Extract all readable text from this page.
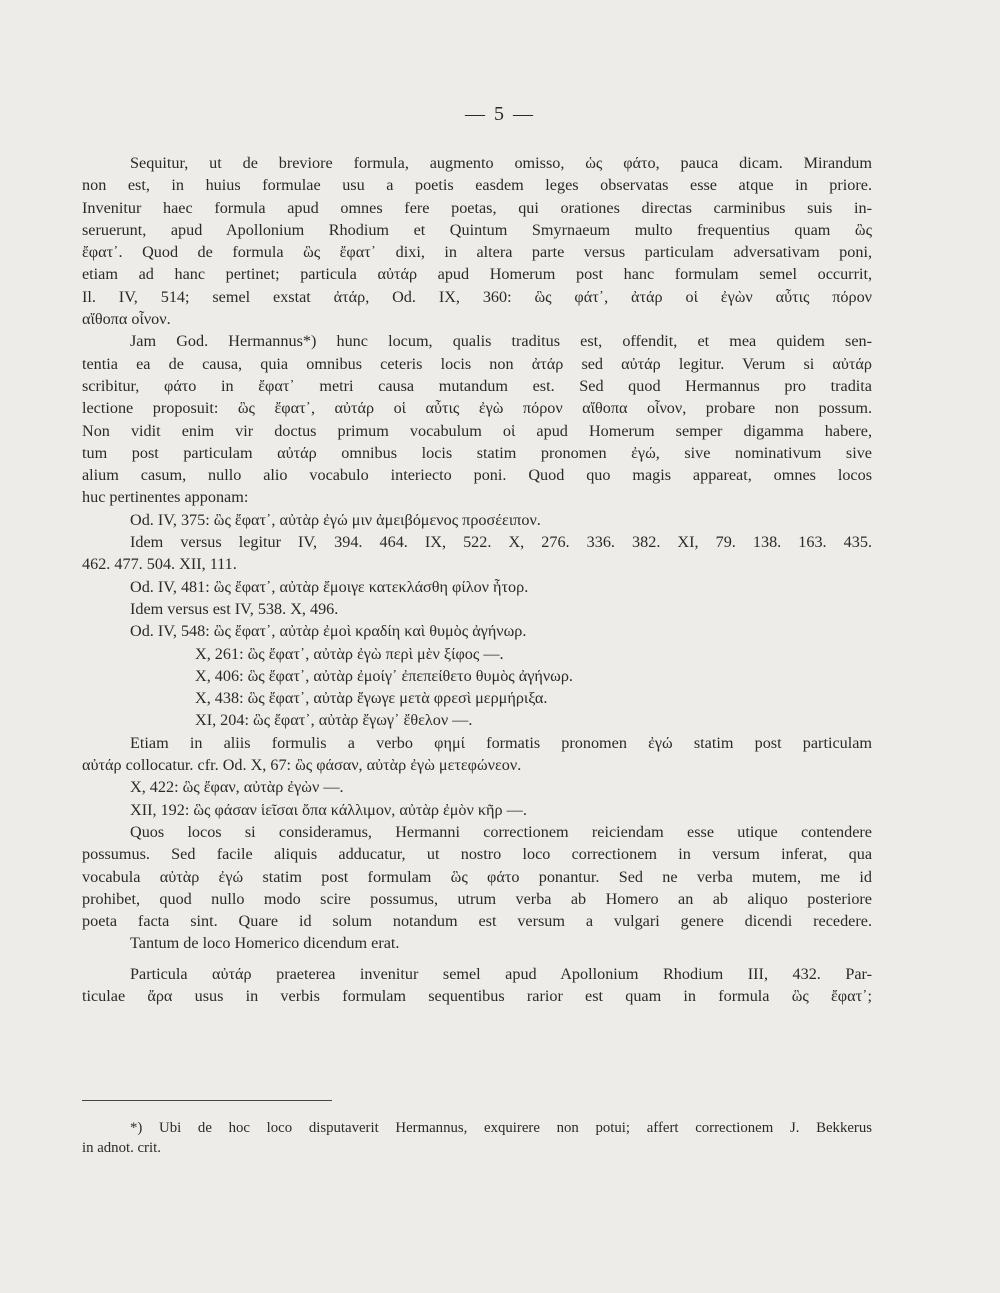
— 5 —
Sequitur, ut de breviore formula, augmento omisso, ὡς φάτο, pauca dicam. Mirandum
non est, in huius formulae usu a poetis easdem leges observatas esse atque in priore.
Invenitur haec formula apud omnes fere poetas, qui orationes directas carminibus suis in-
seruerunt, apud Apollonium Rhodium et Quintum Smyrnaeum multo frequentius quam ὣς
ἔφατ᾽. Quod de formula ὣς ἔφατ᾽ dixi, in altera parte versus particulam adversativam poni,
etiam ad hanc pertinet; particula αὐτάρ apud Homerum post hanc formulam semel occurrit,
Il. IV, 514; semel exstat ἀτάρ, Od. IX, 360: ὣς φάτ᾽, ἀτάρ οἱ ἐγὼν αὖτις πόρον
αἴθοπα οἶνον.
Jam God. Hermannus*) hunc locum, qualis traditus est, offendit, et mea quidem sen-
tentia ea de causa, quia omnibus ceteris locis non ἀτάρ sed αὐτάρ legitur. Verum si αὐτάρ
scribitur, φάτο in ἔφατ᾽ metri causa mutandum est. Sed quod Hermannus pro tradita
lectione proposuit: ὣς ἔφατ᾽, αὐτάρ οἱ αὖτις ἐγὼ πόρον αἴθοπα οἶνον, probare non possum.
Non vidit enim vir doctus primum vocabulum οἱ apud Homerum semper digamma habere,
tum post particulam αὐτάρ omnibus locis statim pronomen ἐγώ, sive nominativum sive
alium casum, nullo alio vocabulo interiecto poni. Quod quo magis appareat, omnes locos
huc pertinentes apponam:
Od. IV, 375: ὣς ἔφατ᾽, αὐτὰρ ἐγώ μιν ἀμειβόμενος προσέειπον.
Idem versus legitur IV, 394. 464. IX, 522. X, 276. 336. 382. XI, 79. 138. 163. 435.
462. 477. 504. XII, 111.
Od. IV, 481: ὣς ἔφατ᾽, αὐτὰρ ἔμοιγε κατεκλάσθη φίλον ἦτορ.
Idem versus est IV, 538. X, 496.
Od. IV, 548: ὣς ἔφατ᾽, αὐτὰρ ἐμοὶ κραδίη καὶ θυμὸς ἀγήνωρ.
X, 261: ὣς ἔφατ᾽, αὐτὰρ ἐγὼ περὶ μὲν ξίφος —.
X, 406: ὣς ἔφατ᾽, αὐτὰρ ἐμοίγ᾽ ἐπεπείθετο θυμὸς ἀγήνωρ.
X, 438: ὣς ἔφατ᾽, αὐτὰρ ἔγωγε μετὰ φρεσὶ μερμήριξα.
XI, 204: ὣς ἔφατ᾽, αὐτὰρ ἔγωγ᾽ ἔθελον —.
Etiam in aliis formulis a verbo φημί formatis pronomen ἐγώ statim post particulam
αὐτάρ collocatur. cfr. Od. X, 67: ὣς φάσαν, αὐτὰρ ἐγὼ μετεφώνεον.
X, 422: ὣς ἔφαν, αὐτὰρ ἐγὼν —.
XII, 192: ὣς φάσαν ἱεῖσαι ὄπα κάλλιμον, αὐτὰρ ἐμὸν κῆρ —.
Quos locos si consideramus, Hermanni correctionem reiciendam esse utique contendere
possumus. Sed facile aliquis adducatur, ut nostro loco correctionem in versum inferat, qua
vocabula αὐτὰρ ἐγώ statim post formulam ὣς φάτο ponantur. Sed ne verba mutem, me id
prohibet, quod nullo modo scire possumus, utrum verba ab Homero an ab aliquo posteriore
poeta facta sint. Quare id solum notandum est versum a vulgari genere dicendi recedere.
Tantum de loco Homerico dicendum erat.
Particula αὐτάρ praeterea invenitur semel apud Apollonium Rhodium III, 432. Par-
ticulae ἄρα usus in verbis formulam sequentibus rarior est quam in formula ὣς ἔφατ᾽;
*) Ubi de hoc loco disputaverit Hermannus, exquirere non potui; affert correctionem J. Bekkerus
in adnot. crit.
